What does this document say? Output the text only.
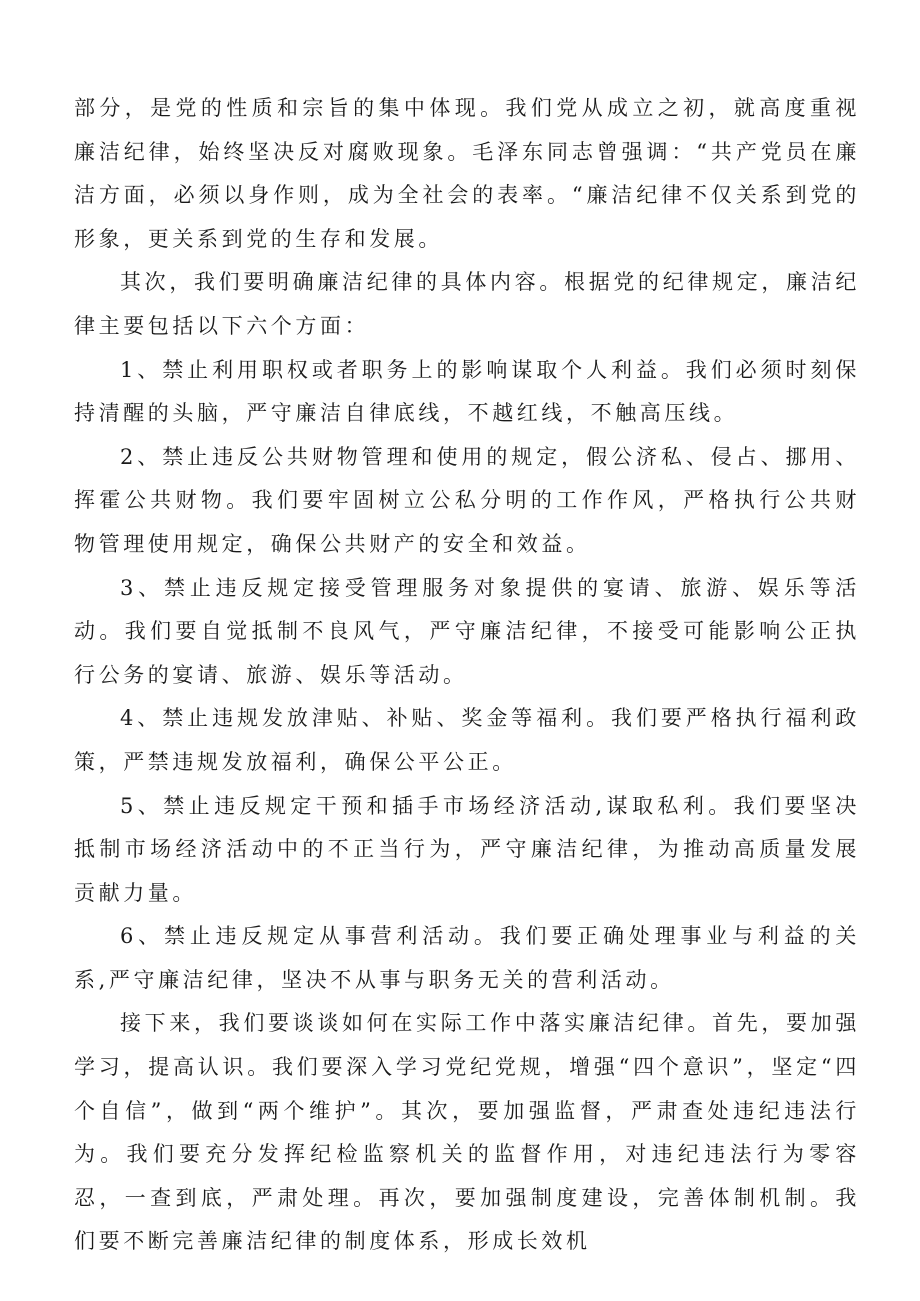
部分，是党的性质和宗旨的集中体现。我们党从成立之初，就高度重视廉洁纪律，始终坚决反对腐败现象。毛泽东同志曾强调：“共产党员在廉洁方面，必须以身作则，成为全社会的表率。“廉洁纪律不仅关系到党的形象，更关系到党的生存和发展。

其次，我们要明确廉洁纪律的具体内容。根据党的纪律规定，廉洁纪律主要包括以下六个方面：

1、禁止利用职权或者职务上的影响谋取个人利益。我们必须时刻保持清醒的头脑，严守廉洁自律底线，不越红线，不触高压线。

2、禁止违反公共财物管理和使用的规定，假公济私、侵占、挪用、挥霍公共财物。我们要牢固树立公私分明的工作作风，严格执行公共财物管理使用规定，确保公共财产的安全和效益。

3、禁止违反规定接受管理服务对象提供的宴请、旅游、娱乐等活动。我们要自觉抵制不良风气，严守廉洁纪律，不接受可能影响公正执行公务的宴请、旅游、娱乐等活动。

4、禁止违规发放津贴、补贴、奖金等福利。我们要严格执行福利政策，严禁违规发放福利，确保公平公正。

5、禁止违反规定干预和插手市场经济活动,谋取私利。我们要坚决抵制市场经济活动中的不正当行为，严守廉洁纪律，为推动高质量发展贡献力量。

6、禁止违反规定从事营利活动。我们要正确处理事业与利益的关系,严守廉洁纪律，坚决不从事与职务无关的营利活动。

接下来，我们要谈谈如何在实际工作中落实廉洁纪律。首先，要加强学习，提高认识。我们要深入学习党纪党规，增强“四个意识”，坚定“四个自信”，做到“两个维护”。其次，要加强监督，严肃查处违纪违法行为。我们要充分发挥纪检监察机关的监督作用，对违纪违法行为零容忍，一查到底，严肃处理。再次，要加强制度建设，完善体制机制。我们要不断完善廉洁纪律的制度体系，形成长效机
